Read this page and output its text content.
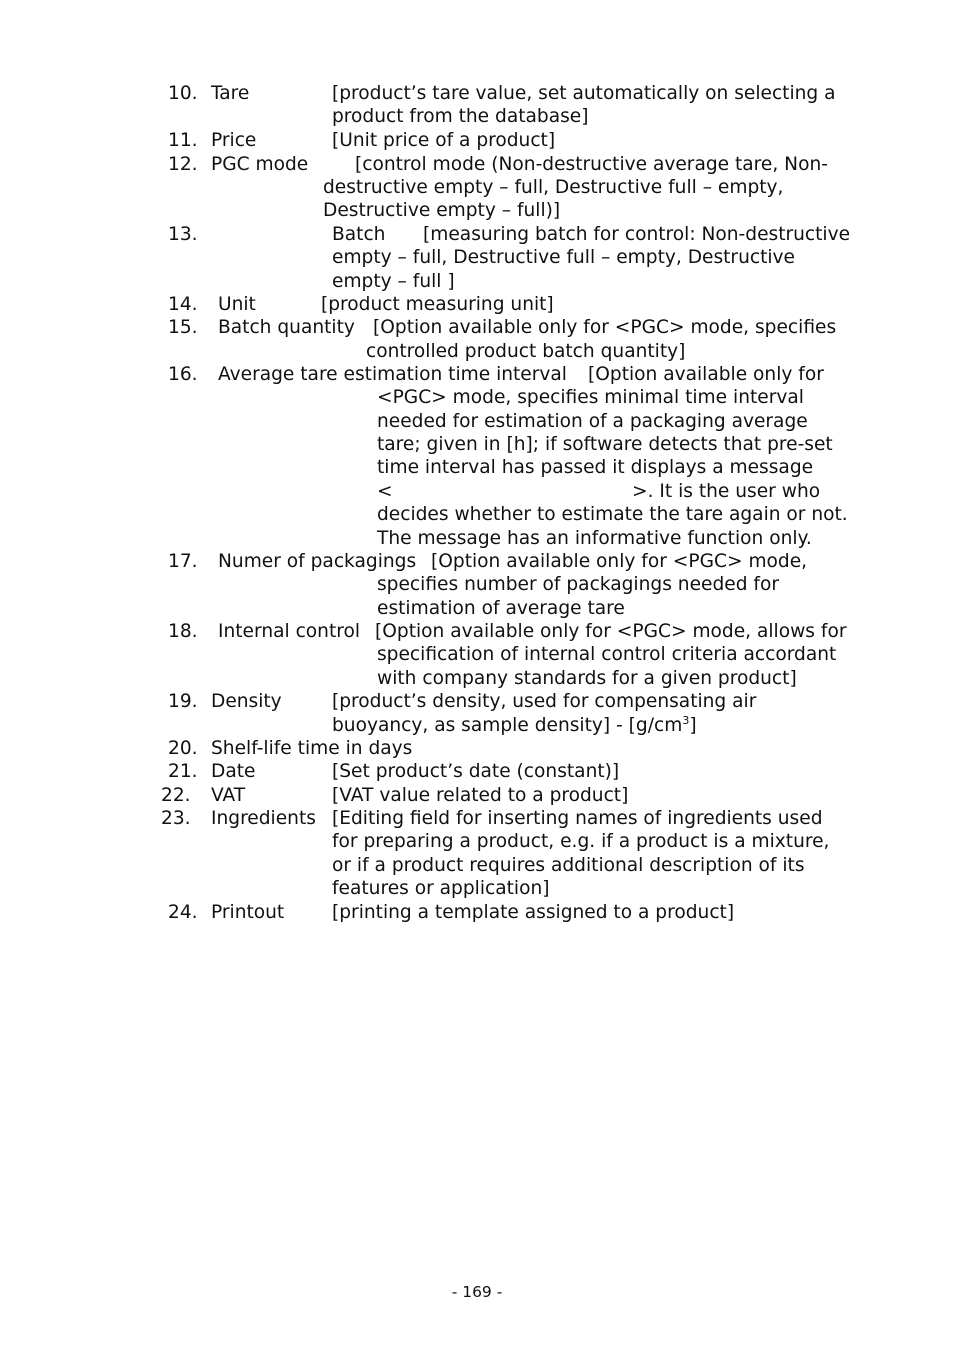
10. Tare	[product’s tare value, set automatically on selecting a
product from the database]
11. Price	[Unit price of a product]
12. PGC mode	[control mode (Non-destructive average tare, Non-
destructive empty – full, Destructive full – empty,
Destructive empty – full)]
13.	Batch [measuring batch for control: Non-destructive
empty – full, Destructive full – empty, Destructive
empty – full ]
14. Unit	[product measuring unit]
15. Batch quantity [Option available only for <PGC> mode, specifies
controlled product batch quantity]
16. Average tare estimation time interval [Option available only for
<PGC> mode, specifies minimal time interval
needed for estimation of a packaging average
tare; given in [h]; if software detects that pre-set
time interval has passed it displays a message
<	>. It is the user who
decides whether to estimate the tare again or not.
The message has an informative function only.
17. Numer of packagings [Option available only for <PGC> mode,
specifies number of packagings needed for
estimation of average tare
18. Internal control [Option available only for <PGC> mode, allows for
specification of internal control criteria accordant
with company standards for a given product]
19. Density	[product’s density, used for compensating air
buoyancy, as sample density] - $[g/cm^3]$
20. Shelf-life time in days
21. Date	[Set product’s date (constant)]
22. VAT	[VAT value related to a product]
23. Ingredients [Editing field for inserting names of ingredients used
for preparing a product, e.g. if a product is a mixture,
or if a product requires additional description of its
features or application]
24. Printout	[printing a template assigned to a product]
- 169 -
